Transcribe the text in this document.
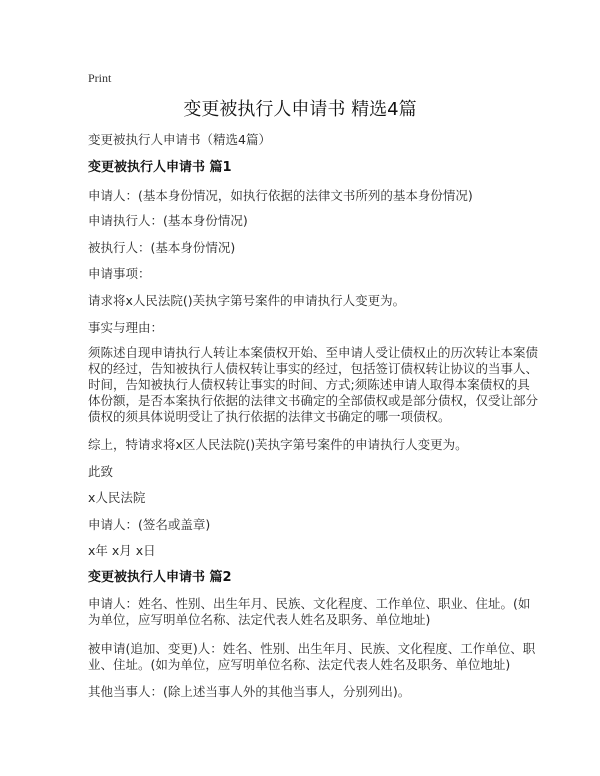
Print
变更被执行人申请书 精选4篇
变更被执行人申请书（精选4篇）
变更被执行人申请书 篇1
申请人：(基本身份情况，如执行依据的法律文书所列的基本身份情况)
申请执行人：(基本身份情况)
被执行人：(基本身份情况)
申请事项：
请求将x人民法院()芙执字第号案件的申请执行人变更为。
事实与理由：
须陈述自现申请执行人转让本案债权开始、至申请人受让债权止的历次转让本案债
权的经过，告知被执行人债权转让事实的经过，包括签订债权转让协议的当事人、
时间，告知被执行人债权转让事实的时间、方式;须陈述申请人取得本案债权的具
体份额，是否本案执行依据的法律文书确定的全部债权或是部分债权，仅受让部分
债权的须具体说明受让了执行依据的法律文书确定的哪一项债权。
综上，特请求将x区人民法院()芙执字第号案件的申请执行人变更为。
此致
x人民法院
申请人：(签名或盖章)
x年 x月 x日
变更被执行人申请书 篇2
申请人：姓名、性别、出生年月、民族、文化程度、工作单位、职业、住址。(如
为单位，应写明单位名称、法定代表人姓名及职务、单位地址)
被申请(追加、变更)人：姓名、性别、出生年月、民族、文化程度、工作单位、职
业、住址。(如为单位，应写明单位名称、法定代表人姓名及职务、单位地址)
其他当事人：(除上述当事人外的其他当事人，分别列出)。
